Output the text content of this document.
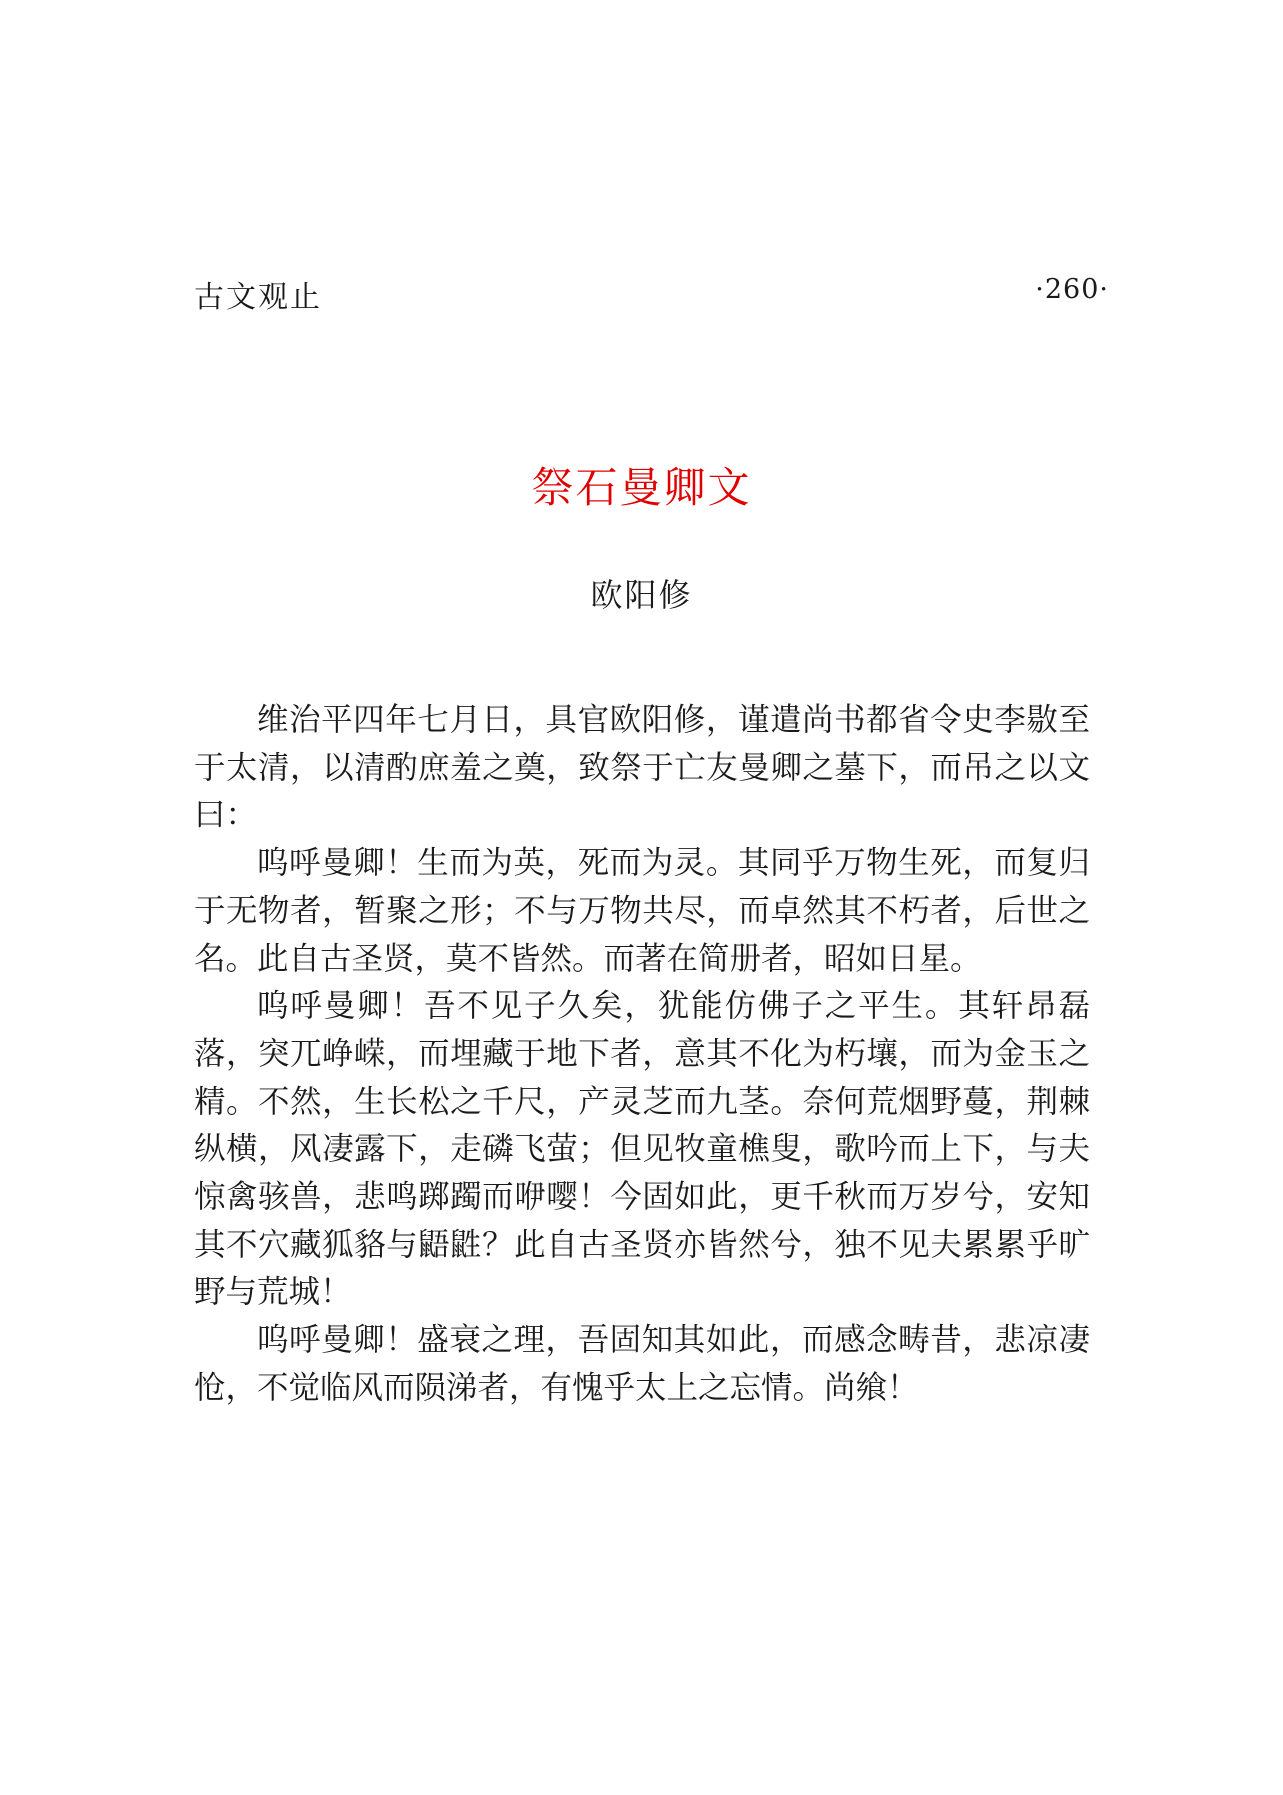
古文观止	·260·
祭石曼卿文
欧阳修

维治平四年七月日，具官欧阳修，谨遣尚书都省令史李敭至于太清，以清酌庶羞之奠，致祭于亡友曼卿之墓下，而吊之以文曰：

呜呼曼卿！生而为英，死而为灵。其同乎万物生死，而复归于无物者，暂聚之形；不与万物共尽，而卓然其不朽者，后世之名。此自古圣贤，莫不皆然。而著在简册者，昭如日星。

呜呼曼卿！吾不见子久矣，犹能仿佛子之平生。其轩昂磊落，突兀峥嵘，而埋藏于地下者，意其不化为朽壤，而为金玉之精。不然，生长松之千尺，产灵芝而九茎。奈何荒烟野蔓，荆棘纵横，风凄露下，走磷飞萤；但见牧童樵叟，歌吟而上下，与夫惊禽骇兽，悲鸣踯躅而咿嘤！今固如此，更千秋而万岁兮，安知其不穴藏狐貉与鼯鼪？此自古圣贤亦皆然兮，独不见夫累累乎旷野与荒城！

呜呼曼卿！盛衰之理，吾固知其如此，而感念畴昔，悲凉凄怆，不觉临风而陨涕者，有愧乎太上之忘情。尚飨！
